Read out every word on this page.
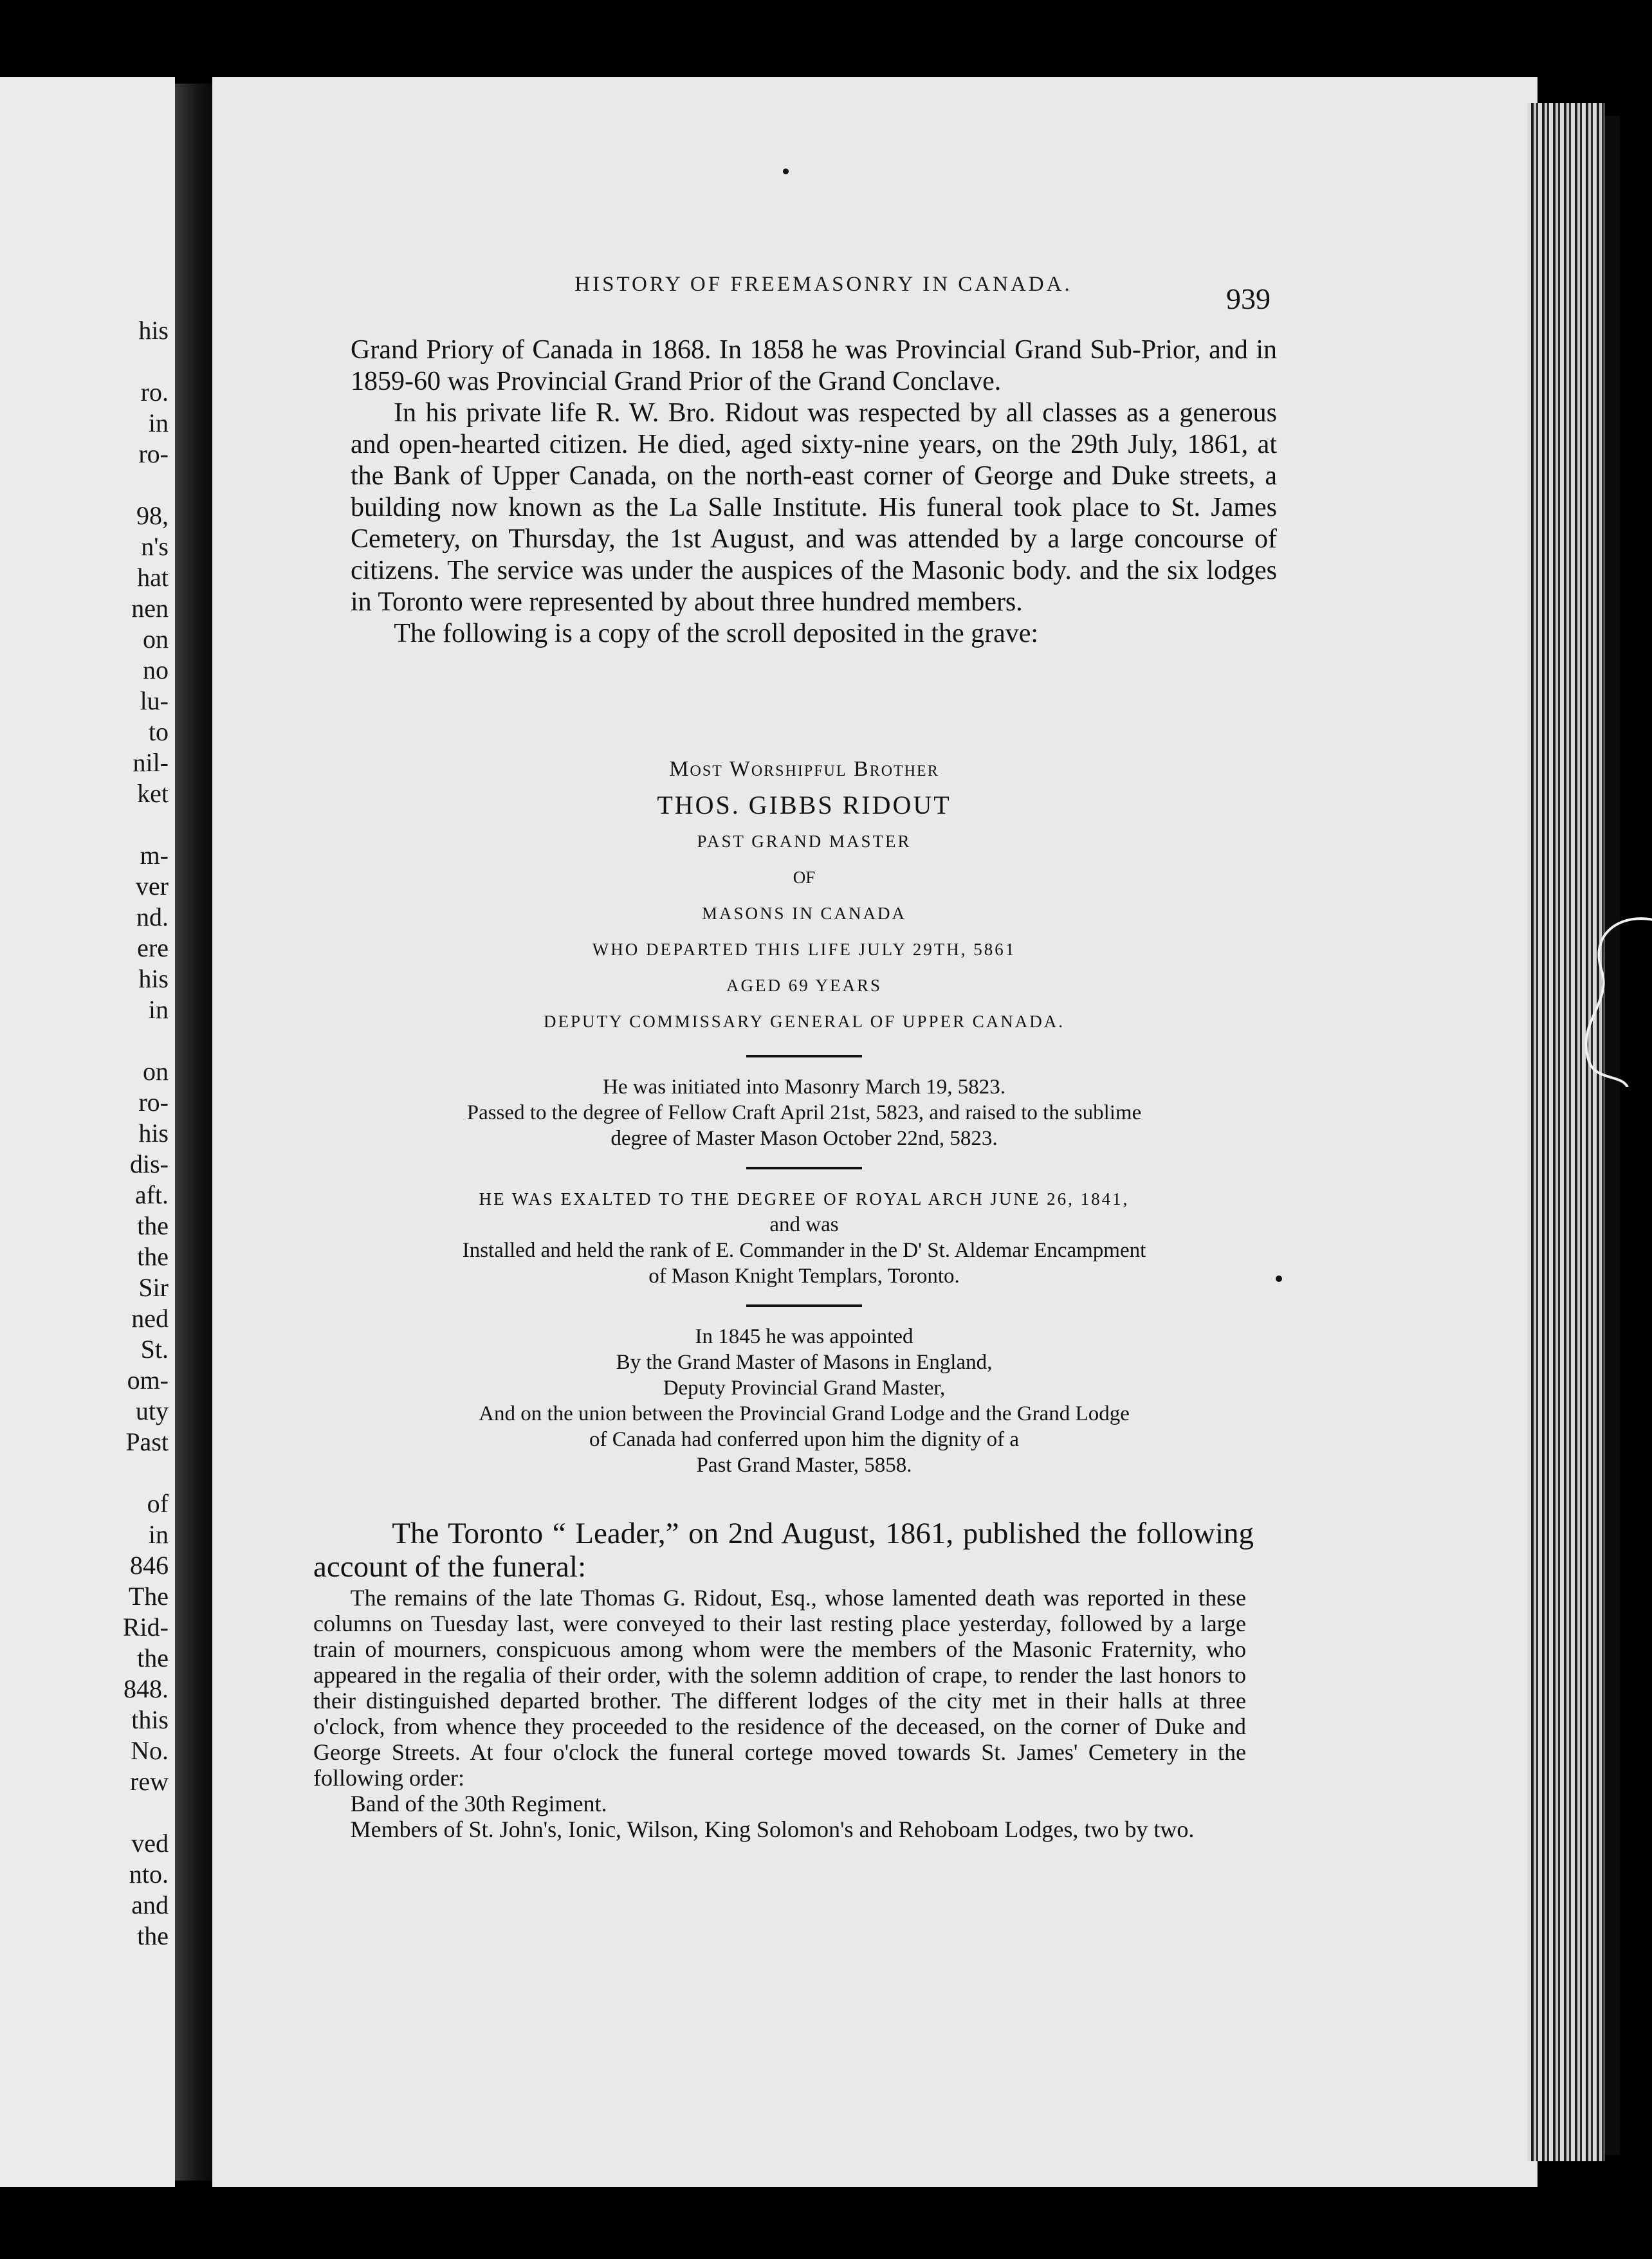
his
ro.
in
ro-
98,
n's
hat
nen
on
no
lu-
to
nil-
ket
m-
ver
nd.
ere
his
in
on
ro-
his
dis-
aft.
the
the
Sir
ned
St.
om-
uty
Past
of
in
846
The
Rid-
the
848.
this
No.
rew
ved
nto.
and
the
HISTORY OF FREEMASONRY IN CANADA.	939

Grand Priory of Canada in 1868. In 1858 he was Provincial Grand Sub-Prior, and in 1859-60 was Provincial Grand Prior of the Grand Conclave.

In his private life R. W. Bro. Ridout was respected by all classes as a generous and open-hearted citizen. He died, aged sixty-nine years, on the 29th July, 1861, at the Bank of Upper Canada, on the north-east corner of George and Duke streets, a building now known as the La Salle Institute. His funeral took place to St. James Cemetery, on Thursday, the 1st August, and was attended by a large concourse of citizens. The service was under the auspices of the Masonic body. and the six lodges in Toronto were represented by about three hundred members.

The following is a copy of the scroll deposited in the grave:

Most Worshipful Brother
THOS. GIBBS RIDOUT
PAST GRAND MASTER
OF
MASONS IN CANADA
WHO DEPARTED THIS LIFE JULY 29TH, 5861
AGED 69 YEARS
DEPUTY COMMISSARY GENERAL OF UPPER CANADA.
He was initiated into Masonry March 19, 5823.
Passed to the degree of Fellow Craft April 21st, 5823, and raised to the sublime
degree of Master Mason October 22nd, 5823.
HE WAS EXALTED TO THE DEGREE OF ROYAL ARCH JUNE 26, 1841,
and was
Installed and held the rank of E. Commander in the D' St. Aldemar Encampment
of Mason Knight Templars, Toronto.
In 1845 he was appointed
By the Grand Master of Masons in England,
Deputy Provincial Grand Master,
And on the union between the Provincial Grand Lodge and the Grand Lodge
of Canada had conferred upon him the dignity of a
Past Grand Master, 5858.

The Toronto “ Leader,” on 2nd August, 1861, published the following account of the funeral:

The remains of the late Thomas G. Ridout, Esq., whose lamented death was reported in these columns on Tuesday last, were conveyed to their last resting place yesterday, followed by a large train of mourners, conspicuous among whom were the members of the Masonic Fraternity, who appeared in the regalia of their order, with the solemn addition of crape, to render the last honors to their distinguished departed brother. The different lodges of the city met in their halls at three o'clock, from whence they proceeded to the residence of the deceased, on the corner of Duke and George Streets. At four o'clock the funeral cortege moved towards St. James' Cemetery in the following order:

Band of the 30th Regiment.

Members of St. John's, Ionic, Wilson, King Solomon's and Rehoboam Lodges, two by two.
